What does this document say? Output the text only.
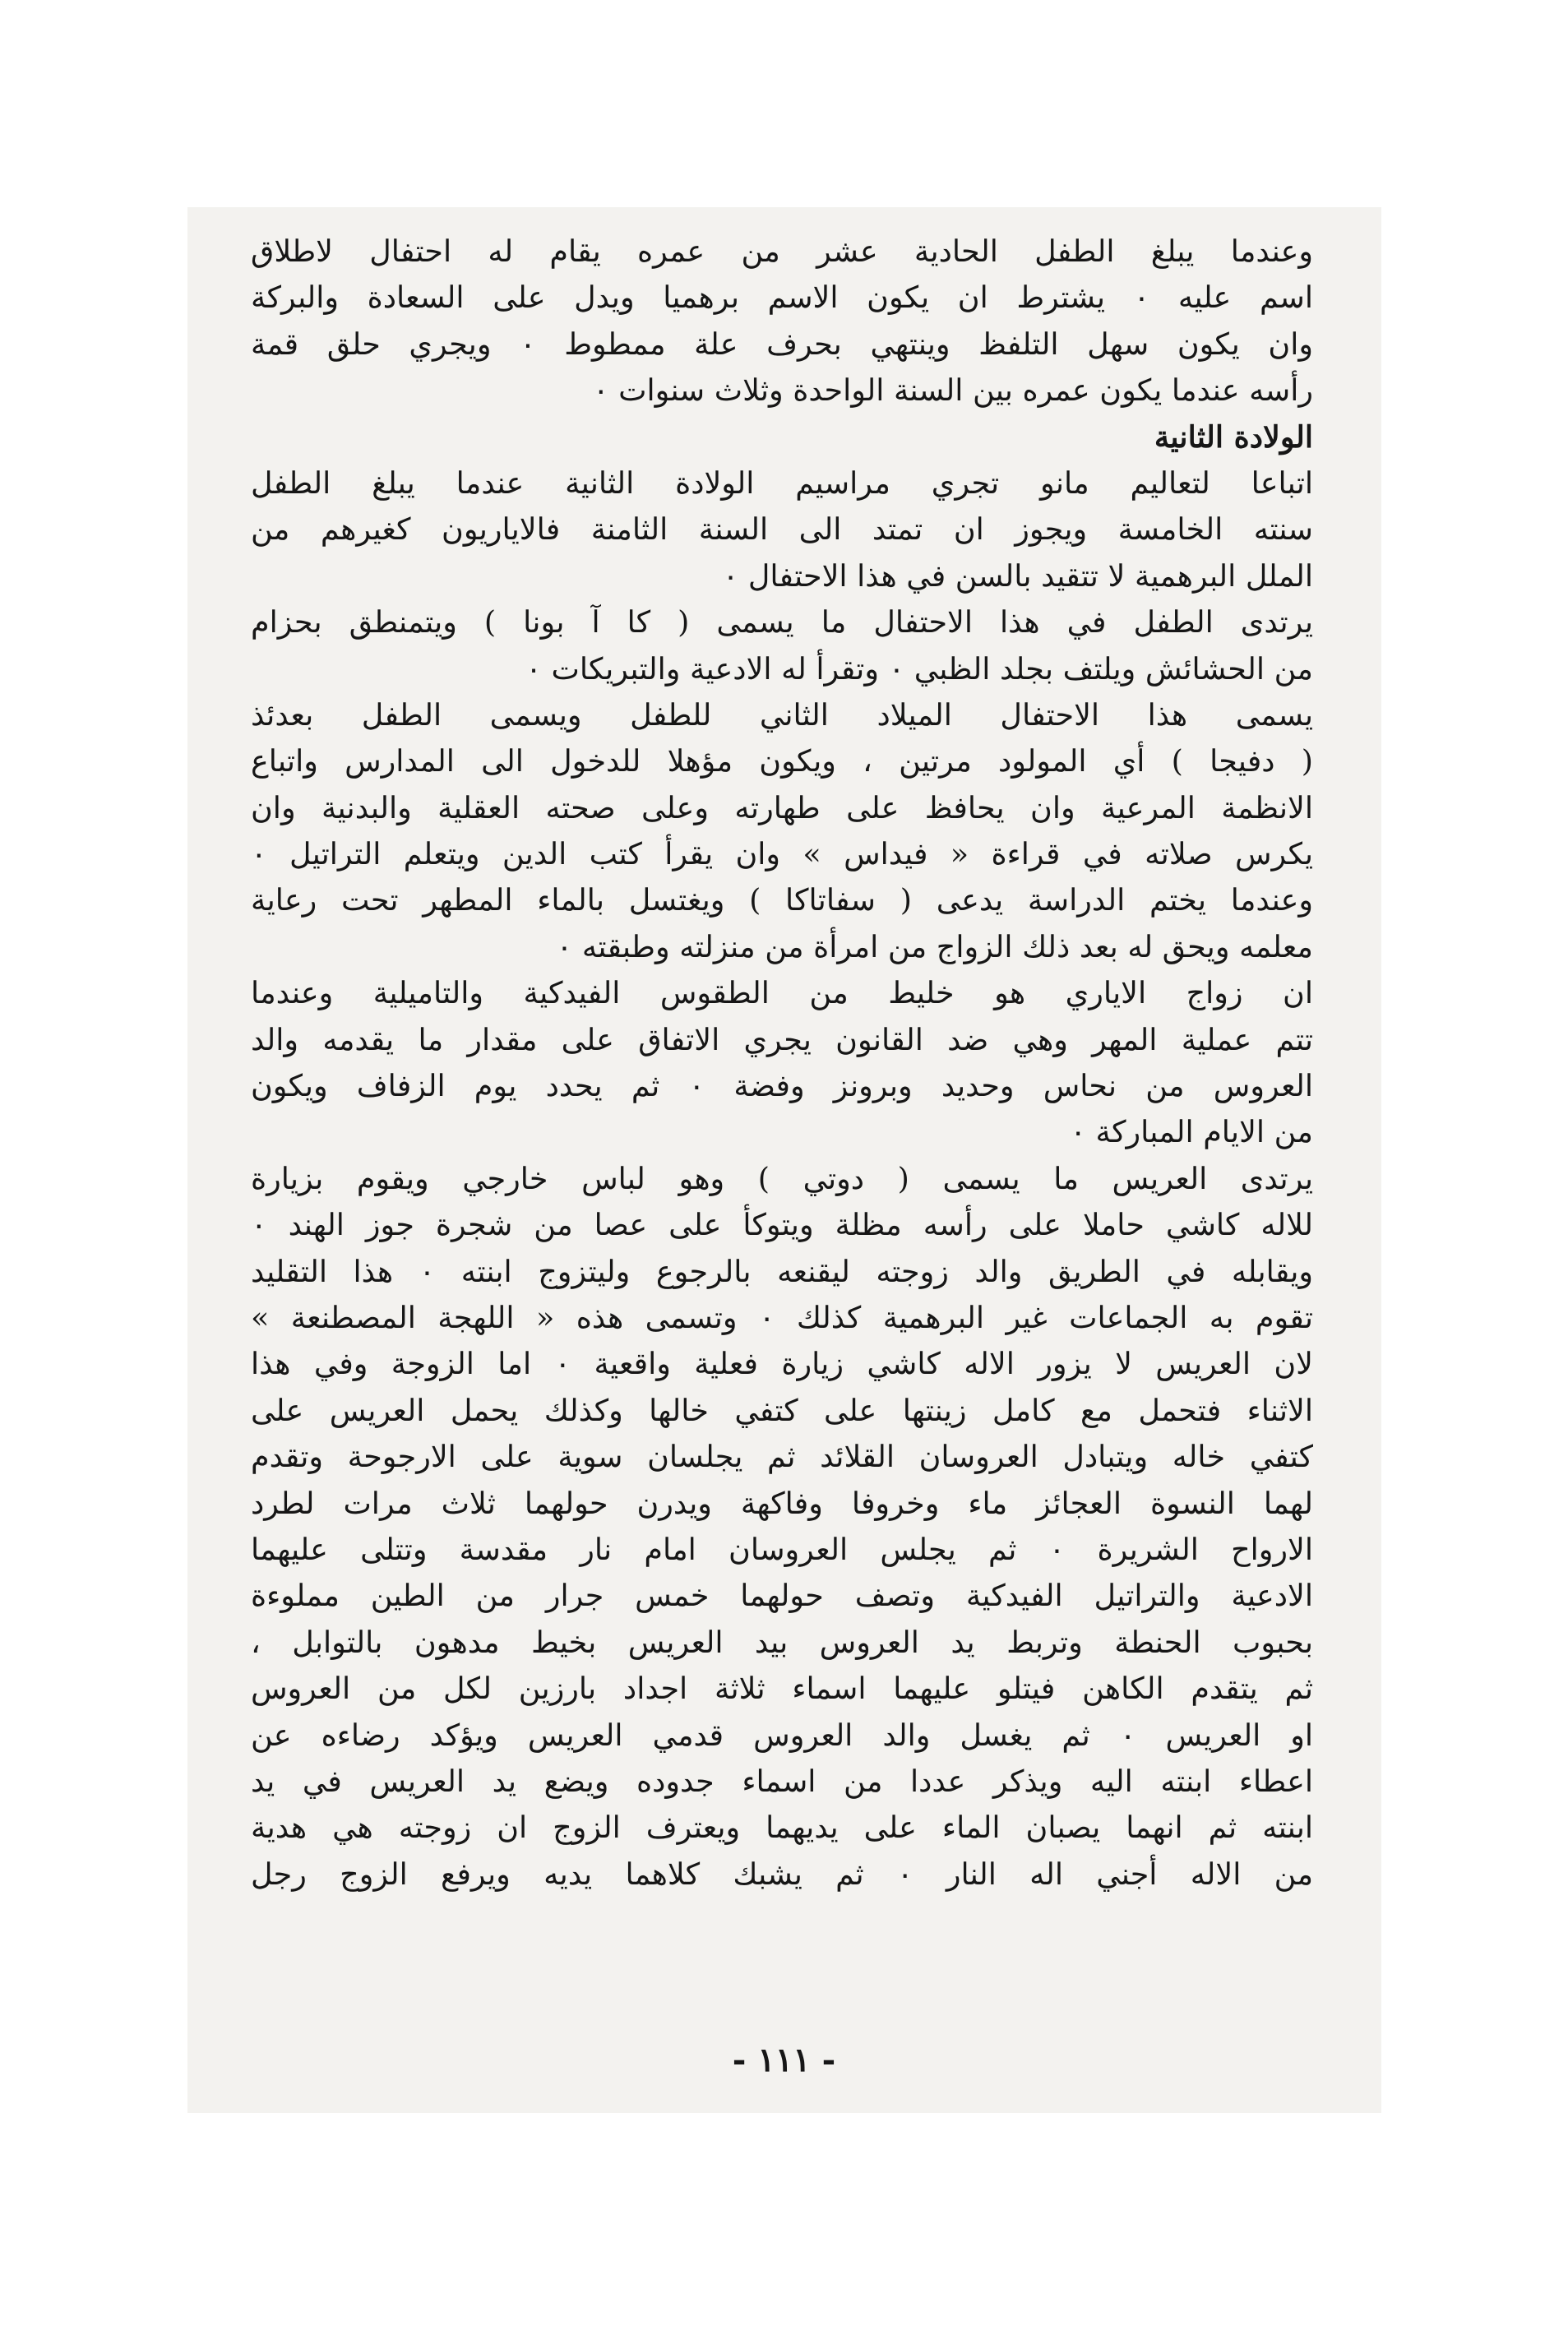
وعندما يبلغ الطفل الحادية عشر من عمره يقام له احتفال لاطلاق
اسم عليه ٠ يشترط ان يكون الاسم برهميا ويدل على السعادة والبركة
وان يكون سهل التلفظ وينتهي بحرف علة ممطوط ٠ ويجري حلق قمة
رأسه عندما يكون عمره بين السنة الواحدة وثلاث سنوات ٠
الولادة الثانية
اتباعا لتعاليم مانو تجري مراسيم الولادة الثانية عندما يبلغ الطفل
سنته الخامسة ويجوز ان تمتد الى السنة الثامنة فالاياريون كغيرهم من
الملل البرهمية لا تتقيد بالسن في هذا الاحتفال ٠
يرتدى الطفل في هذا الاحتفال ما يسمى ( كا آ بونا ) ويتمنطق بحزام
من الحشائش ويلتف بجلد الظبي ٠ وتقرأ له الادعية والتبريكات ٠
يسمى هذا الاحتفال الميلاد الثاني للطفل ويسمى الطفل بعدئذ
( دفيجا ) أي المولود مرتين ، ويكون مؤهلا للدخول الى المدارس واتباع
الانظمة المرعية وان يحافظ على طهارته وعلى صحته العقلية والبدنية وان
يكرس صلاته في قراءة « فيداس » وان يقرأ كتب الدين ويتعلم التراتيل ٠
وعندما يختم الدراسة يدعى ( سفاتاكا ) ويغتسل بالماء المطهر تحت رعاية
معلمه ويحق له بعد ذلك الزواج من امرأة من منزلته وطبقته ٠
ان زواج الاياري هو خليط من الطقوس الفيدكية والتاميلية وعندما
تتم عملية المهر وهي ضد القانون يجري الاتفاق على مقدار ما يقدمه والد
العروس من نحاس وحديد وبرونز وفضة ٠ ثم يحدد يوم الزفاف ويكون
من الايام المباركة ٠
يرتدى العريس ما يسمى ( دوتي ) وهو لباس خارجي ويقوم بزيارة
للاله كاشي حاملا على رأسه مظلة ويتوكأ على عصا من شجرة جوز الهند ٠
ويقابله في الطريق والد زوجته ليقنعه بالرجوع وليتزوج ابنته ٠ هذا التقليد
تقوم به الجماعات غير البرهمية كذلك ٠ وتسمى هذه « اللهجة المصطنعة »
لان العريس لا يزور الاله كاشي زيارة فعلية واقعية ٠ اما الزوجة وفي هذا
الاثناء فتحمل مع كامل زينتها على كتفي خالها وكذلك يحمل العريس على
كتفي خاله ويتبادل العروسان القلائد ثم يجلسان سوية على الارجوحة وتقدم
لهما النسوة العجائز ماء وخروفا وفاكهة ويدرن حولهما ثلاث مرات لطرد
الارواح الشريرة ٠ ثم يجلس العروسان امام نار مقدسة وتتلى عليهما
الادعية والتراتيل الفيدكية وتصف حولهما خمس جرار من الطين مملوءة
بحبوب الحنطة وتربط يد العروس بيد العريس بخيط مدهون بالتوابل ،
ثم يتقدم الكاهن فيتلو عليهما اسماء ثلاثة اجداد بارزين لكل من العروس
او العريس ٠ ثم يغسل والد العروس قدمي العريس ويؤكد رضاءه عن
اعطاء ابنته اليه ويذكر عددا من اسماء جدوده ويضع يد العريس في يد
ابنته ثم انهما يصبان الماء على يديهما ويعترف الزوج ان زوجته هي هدية
من الاله أجني اله النار ٠ ثم يشبك كلاهما يديه ويرفع الزوج رجل
- ١١١ -
